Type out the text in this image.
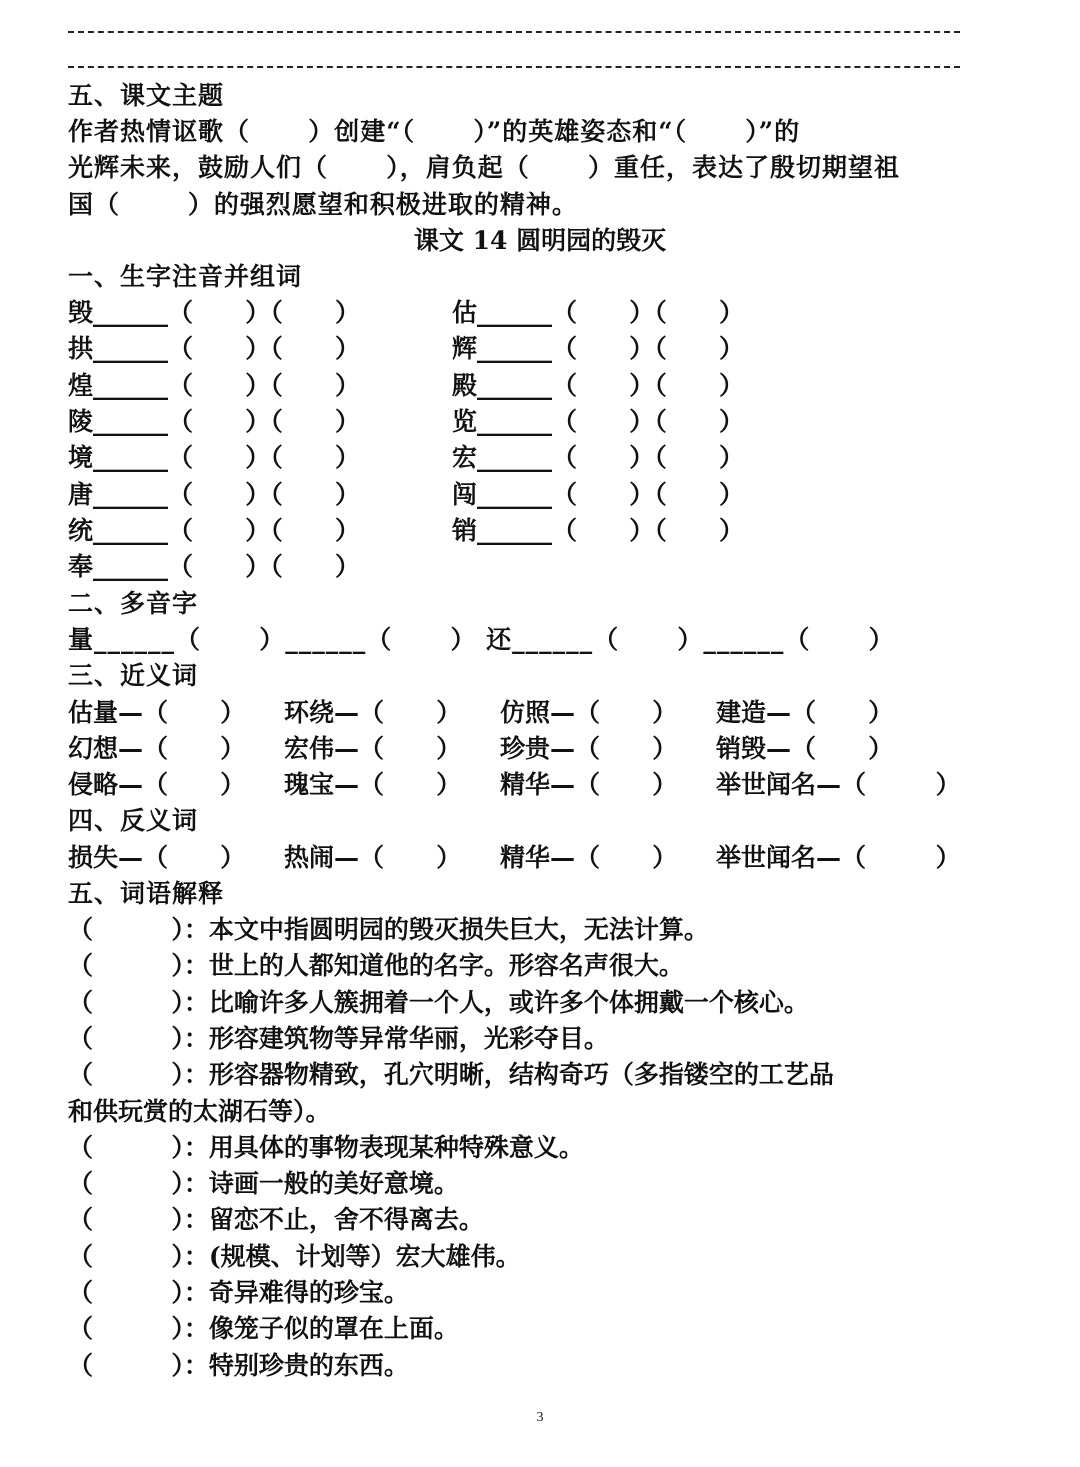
五、课文主题
作者热情讴歌（      ）创建“（      ）”的英雄姿态和“（      ）”的
光辉未来，鼓励人们（      ），肩负起（      ）重任，表达了殷切期望祖
国（       ）的强烈愿望和积极进取的精神。
课文 14 圆明园的毁灭
一、生字注音并组词
毁______（      ）（      ）	估______（      ）（      ）
拱______（      ）（      ）	辉______（      ）（      ）
煌______（      ）（      ）	殿______（      ）（      ）
陵______（      ）（      ）	览______（      ）（      ）
境______（      ）（      ）	宏______（      ）（      ）
唐______（      ）（      ）	闯______（      ）（      ）
统______（      ）（      ）	销______（      ）（      ）
奉______（      ）（      ）
二、多音字
量______（      ）______（      ） 还______（      ）______（      ）
三、近义词
估量—（      ） 环绕—（      ） 仿照—（      ） 建造—（      ）
幻想—（      ） 宏伟—（      ） 珍贵—（      ） 销毁—（      ）
侵略—（      ） 瑰宝—（      ） 精华—（      ） 举世闻名—（        ）
四、反义词
损失—（      ） 热闹—（      ） 精华—（      ） 举世闻名—（        ）
五、词语解释
（         ）：本文中指圆明园的毁灭损失巨大，无法计算。
（         ）：世上的人都知道他的名字。形容名声很大。
（         ）：比喻许多人簇拥着一个人，或许多个体拥戴一个核心。
（         ）：形容建筑物等异常华丽，光彩夺目。
（         ）：形容器物精致，孔穴明晰，结构奇巧（多指镂空的工艺品
和供玩赏的太湖石等）。
（         ）：用具体的事物表现某种特殊意义。
（         ）：诗画一般的美好意境。
（         ）：留恋不止，舍不得离去。
（         ）：(规模、计划等）宏大雄伟。
（         ）：奇异难得的珍宝。
（         ）：像笼子似的罩在上面。
（         ）：特别珍贵的东西。
3
